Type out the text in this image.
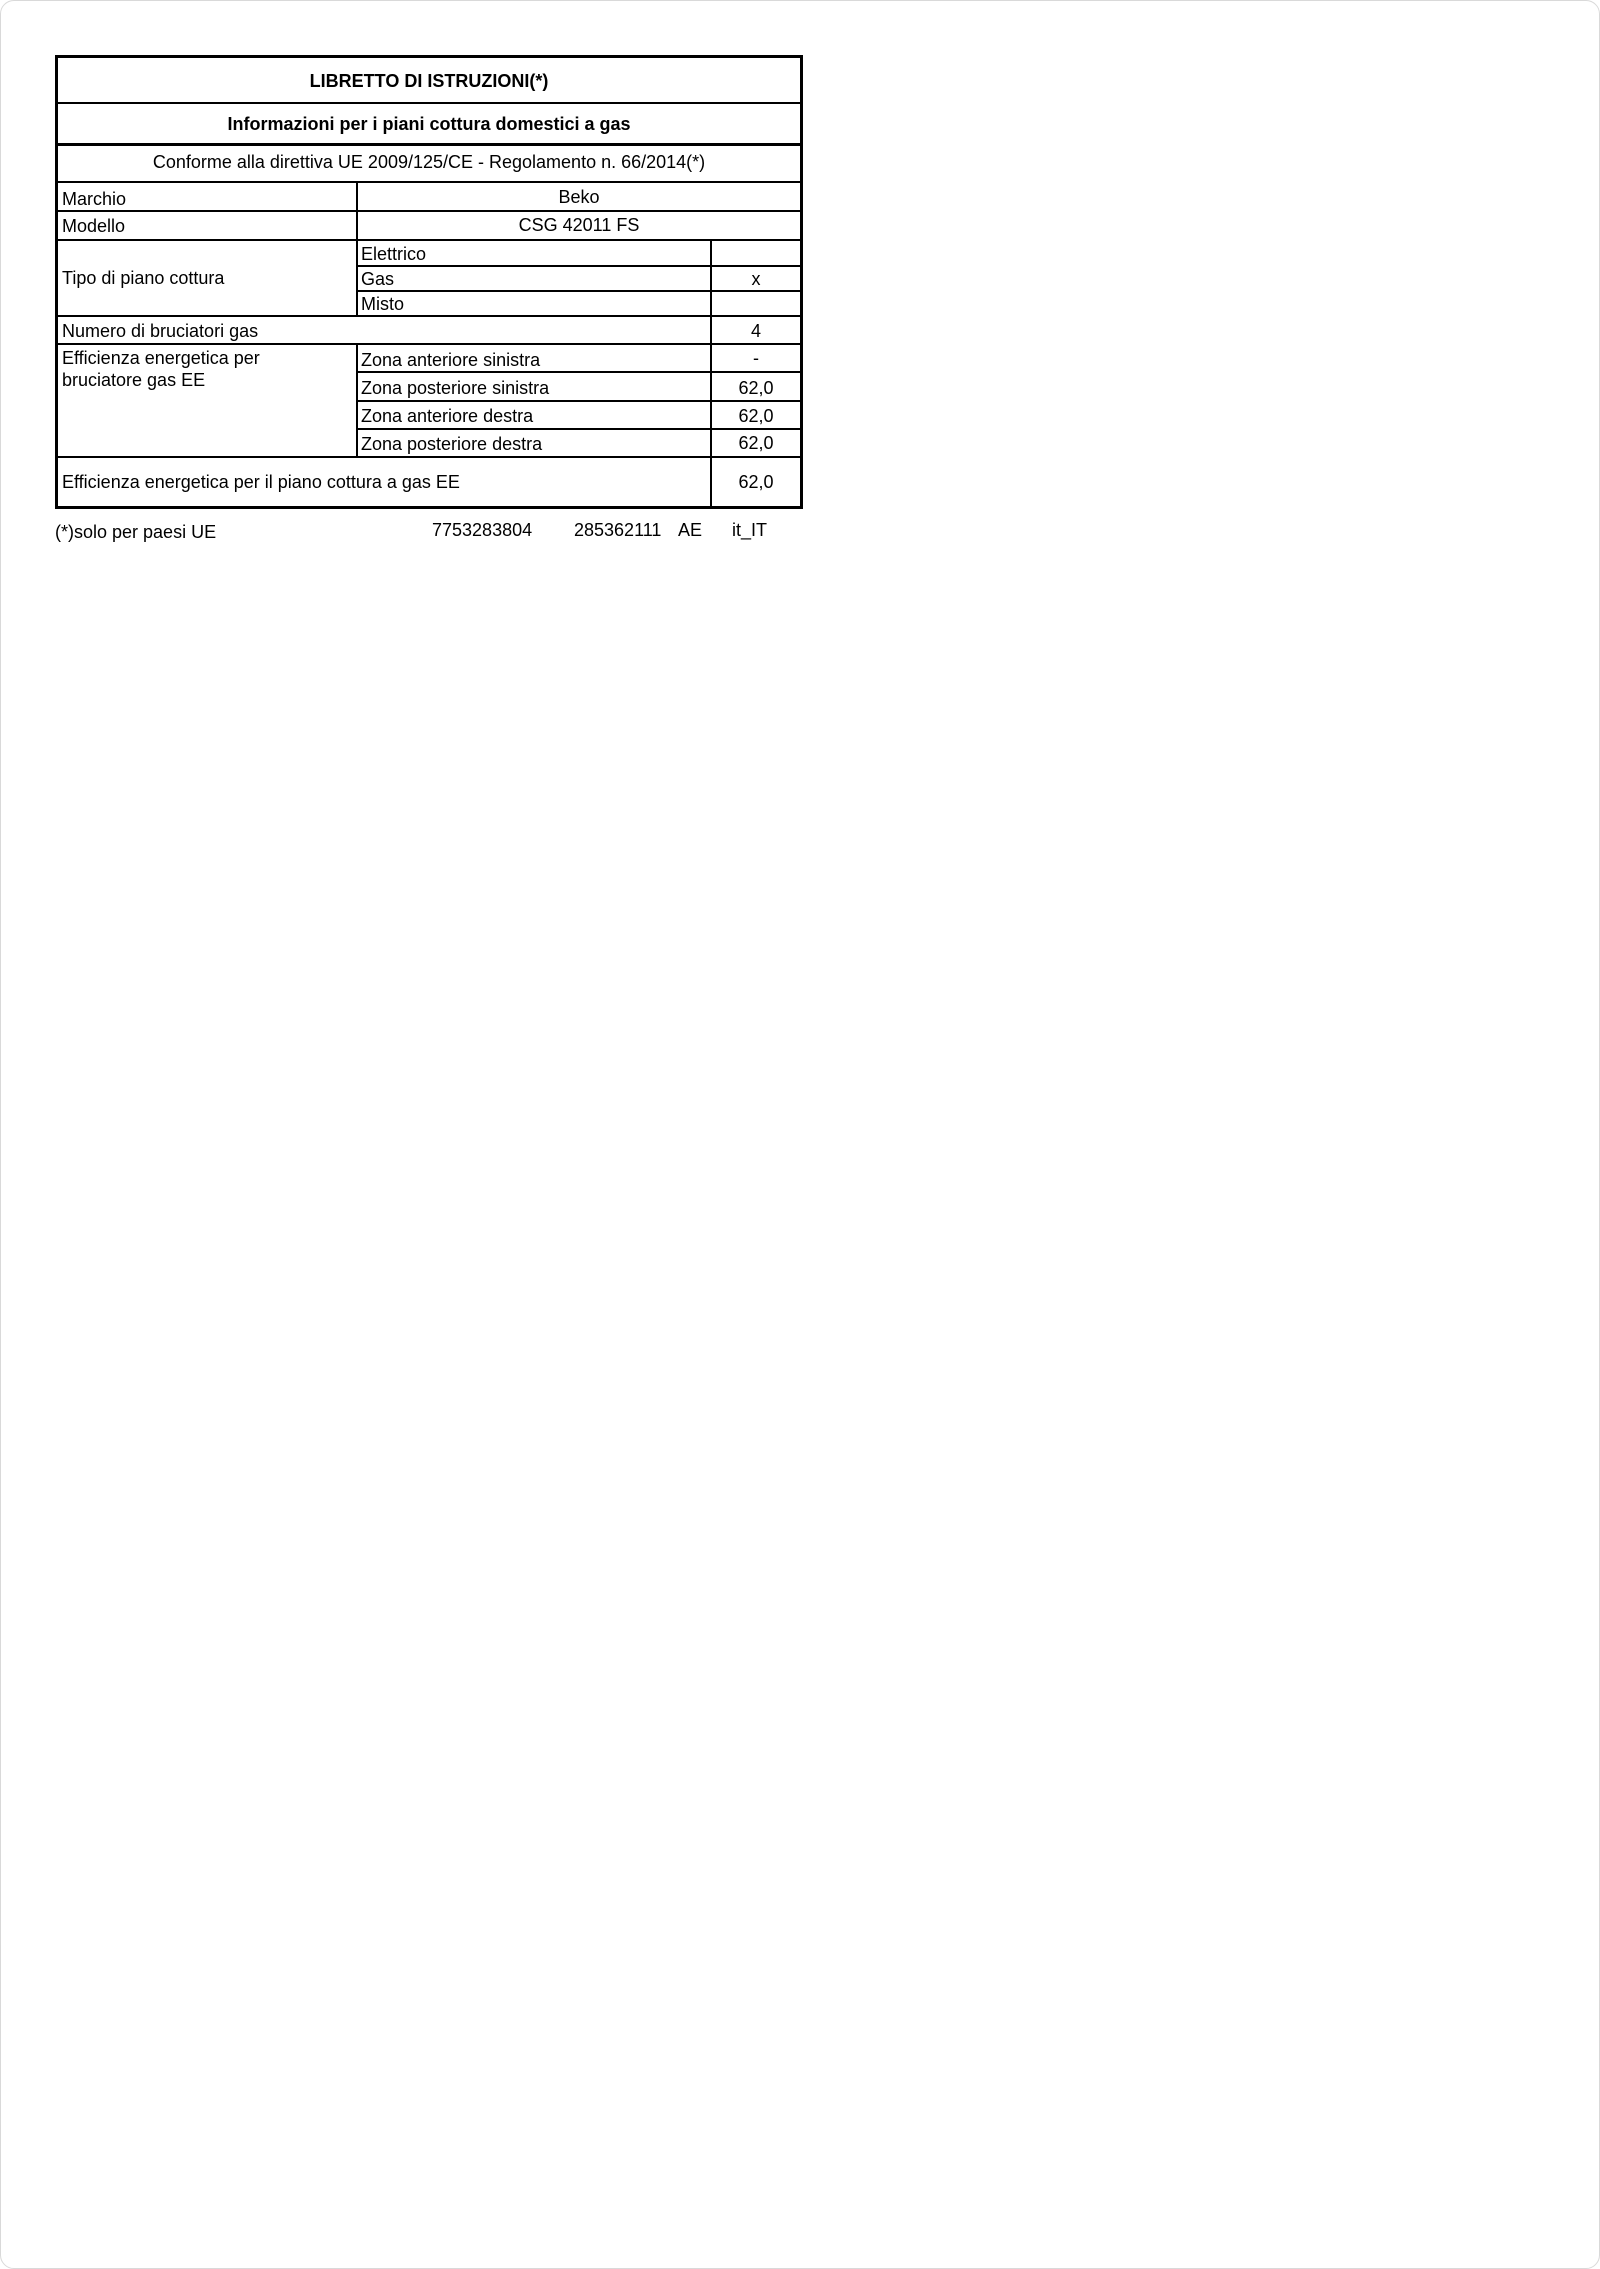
LIBRETTO DI ISTRUZIONI(*)
Informazioni per i piani cottura domestici a gas
Conforme alla direttiva UE 2009/125/CE - Regolamento n. 66/2014(*)
Marchio	Beko
Modello	CSG 42011 FS
Tipo di piano cottura
Elettrico
Gas	x
Misto
Numero di bruciatori gas	4
Efficienza energetica per
bruciatore gas EE
Zona anteriore sinistra	-
Zona posteriore sinistra	62,0
Zona anteriore destra	62,0
Zona posteriore destra	62,0
Efficienza energetica per il piano cottura a gas EE	62,0
(*)solo per paesi UE	7753283804 285362111 AE it_IT
